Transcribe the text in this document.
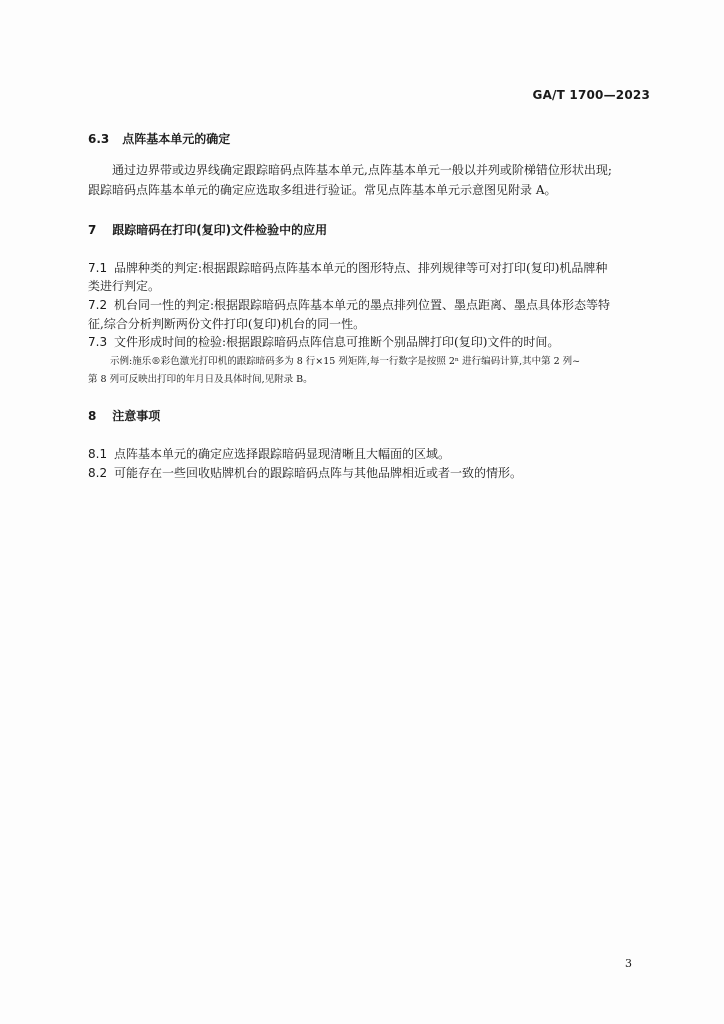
GA/T 1700—2023
6.3 点阵基本单元的确定
通过边界带或边界线确定跟踪暗码点阵基本单元,点阵基本单元一般以并列或阶梯错位形状出现;
跟踪暗码点阵基本单元的确定应选取多组进行验证。常见点阵基本单元示意图见附录 A。
7 跟踪暗码在打印(复印)文件检验中的应用
7.1 品牌种类的判定:根据跟踪暗码点阵基本单元的图形特点、排列规律等可对打印(复印)机品牌种
类进行判定。
7.2 机台同一性的判定:根据跟踪暗码点阵基本单元的墨点排列位置、墨点距离、墨点具体形态等特
征,综合分析判断两份文件打印(复印)机台的同一性。
7.3 文件形成时间的检验:根据跟踪暗码点阵信息可推断个别品牌打印(复印)文件的时间。
示例:施乐®彩色激光打印机的跟踪暗码多为 8 行×15 列矩阵,每一行数字是按照 2ⁿ 进行编码计算,其中第 2 列~
第 8 列可反映出打印的年月日及具体时间,见附录 B。
8 注意事项
8.1 点阵基本单元的确定应选择跟踪暗码显现清晰且大幅面的区域。
8.2 可能存在一些回收贴牌机台的跟踪暗码点阵与其他品牌相近或者一致的情形。
3
